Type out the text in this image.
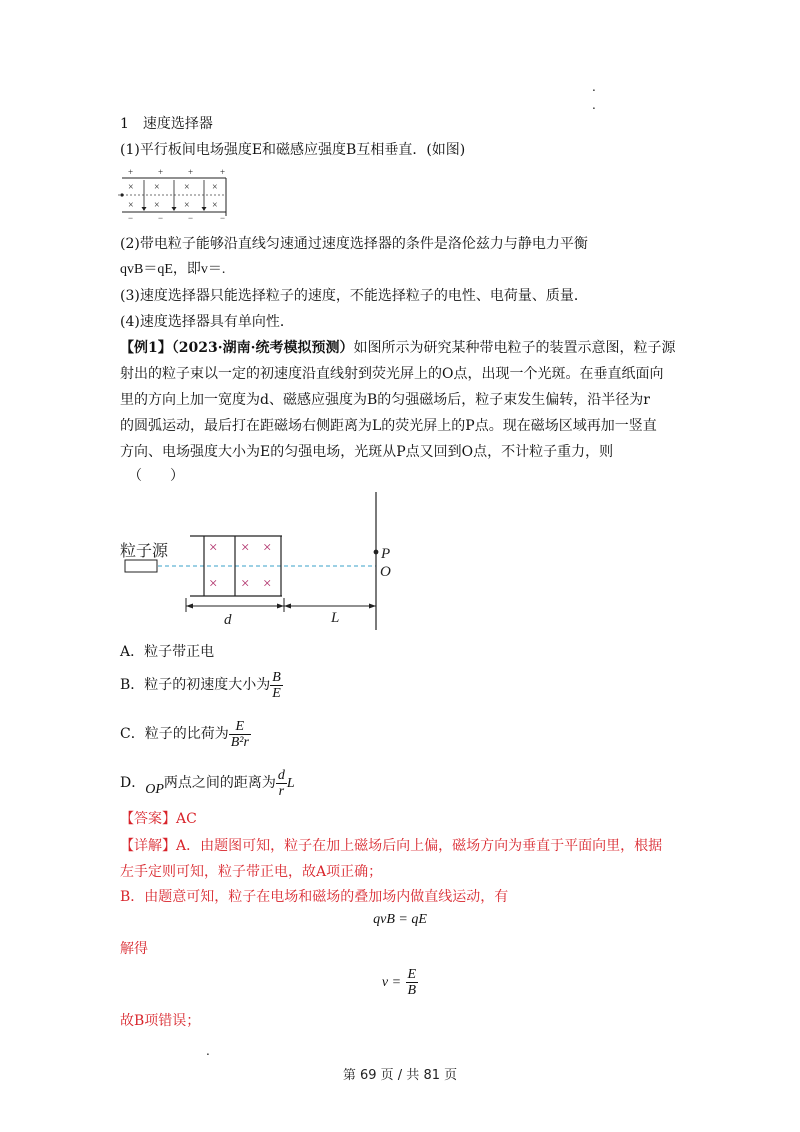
.
.
1　速度选择器
(1)平行板间电场强度E和磁感应强度B互相垂直．(如图)
+	+	+	+
−	−	−	−
× × × ×
× × × ×
(2)带电粒子能够沿直线匀速通过速度选择器的条件是洛伦兹力与静电力平衡
qvB＝qE，即v＝.
(3)速度选择器只能选择粒子的速度，不能选择粒子的电性、电荷量、质量．
(4)速度选择器具有单向性．
【例1】（2023·湖南·统考模拟预测）如图所示为研究某种带电粒子的装置示意图，粒子源
射出的粒子束以一定的初速度沿直线射到荧光屏上的O点，出现一个光斑。在垂直纸面向
里的方向上加一宽度为d、磁感应强度为B的匀强磁场后，粒子束发生偏转，沿半径为r
的圆弧运动，最后打在距磁场右侧距离为L的荧光屏上的P点。现在磁场区域再加一竖直
方向、电场强度大小为E的匀强电场，光斑从P点又回到O点，不计粒子重力，则
（　　）
粒子源	× × ×
× × ×
P
O
d	L
A．粒子带正电
B．粒子的初速度大小为 $\frac{B}{E}$
C．粒子的比荷为 $\frac{E}{\text{B²r}}$
D．OP两点之间的距离为 $\frac{d}{r}$ L
【答案】AC
【详解】A．由题图可知，粒子在加上磁场后向上偏，磁场方向为垂直于平面向里，根据
左手定则可知，粒子带正电，故A项正确；
B．由题意可知，粒子在电场和磁场的叠加场内做直线运动，有
qvB = qE
解得
$v = \frac{E}{B}$
故B项错误；
.
第 69 页 / 共 81 页
